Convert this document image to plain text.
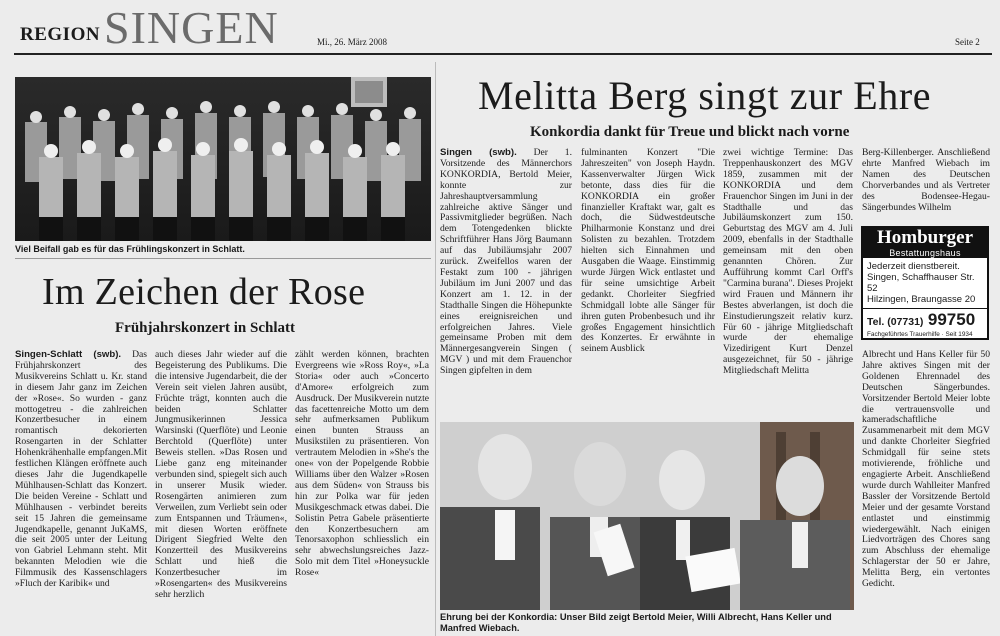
REGION SINGEN	Mi., 26. März 2008	Seite 2
Viel Beifall gab es für das Frühlingskonzert in Schlatt.
Im Zeichen der Rose
Frühjahrskonzert in Schlatt

Singen-Schlatt (swb). Das Frühjahrskonzert des Musikvereins Schlatt u. Kr. stand in diesem Jahr ganz im Zeichen der »Rose«. So wurden - ganz mottogetreu - die zahlreichen Konzertbesucher in einem romantisch dekorierten Rosengarten in der Schlatter Hohenkrähenhalle empfangen.Mit festlichen Klängen eröffnete auch dieses Jahr die Jugendkapelle Mühlhausen-Schlatt das Konzert. Die beiden Vereine - Schlatt und Mühlhausen - verbindet bereits seit 15 Jahren die gemeinsame Jugendkapelle, genannt JuKaMS, die seit 2005 unter der Leitung von Gabriel Lehmann steht. Mit bekannten Melodien wie die Filmmusik des Kassenschlagers »Fluch der Karibik« und

auch dieses Jahr wieder auf die Begeisterung des Publikums. Die die intensive Jugendarbeit, die der Verein seit vielen Jahren ausübt, Früchte trägt, konnten auch die beiden Schlatter Jungmusikerinnen Jessica Warsinski (Querflöte) und Leonie Berchtold (Querflöte) unter Beweis stellen. »Das Rosen und Liebe ganz eng miteinander verbunden sind, spiegelt sich auch in unserer Musik wieder. Rosengärten animieren zum Verweilen, zum Verliebt sein oder zum Entspannen und Träumen«, mit diesen Worten eröffnete Dirigent Siegfried Welte den Konzertteil des Musikvereins Schlatt und hieß die Konzertbesucher im »Rosengarten« des Musikvereins sehr herzlich

zählt werden können, brachten Evergreens wie »Ross Roy«, »La Storia« oder auch »Concerto d'Amore« erfolgreich zum Ausdruck. Der Musikverein nutzte das facettenreiche Motto um dem sehr aufmerksamen Publikum einen bunten Strauss an Musikstilen zu präsentieren. Von vertrautem Melodien in »She's the one« von der Popelgende Robbie Williams über den Walzer »Rosen aus dem Süden« von Strauss bis hin zur Polka war für jeden Musikgeschmack etwas dabei. Die Solistin Petra Gabele präsentierte den Konzertbesuchern am Tenorsaxophon schliesslich ein sehr abwechslungsreiches Jazz-Solo mit dem Titel »Honeysuckle Rose«

Melitta Berg singt zur Ehre
Konkordia dankt für Treue und blickt nach vorne

Singen (swb). Der 1. Vorsitzende des Männerchors KONKORDIA, Bertold Meier, konnte zur Jahreshauptversammlung zahlreiche aktive Sänger und Passivmitglieder begrüßen. Nach dem Totengedenken blickte Schriftführer Hans Jörg Baumann auf das Jubiläumsjahr 2007 zurück. Zweifellos waren der Festakt zum 100 - jährigen Jubiläum im Juni 2007 und das Konzert am 1. 12. in der Stadthalle Singen die Höhepunkte eines ereignisreichen und erfolgreichen Jahres. Viele gemeinsame Proben mit dem Männergesangverein Singen ( MGV ) und mit dem Frauenchor Singen gipfelten in dem

fulminanten Konzert "Die Jahreszeiten" von Joseph Haydn. Kassenverwalter Jürgen Wick betonte, dass dies für die KONKORDIA ein großer finanzieller Kraftakt war, galt es doch, die Südwestdeutsche Philharmonie Konstanz und drei Solisten zu bezahlen. Trotzdem hielten sich Einnahmen und Ausgaben die Waage. Einstimmig wurde Jürgen Wick entlastet und für seine umsichtige Arbeit gedankt. Chorleiter Siegfried Schmidgall lobte alle Sänger für ihren guten Probenbesuch und ihr großes Engagement hinsichtlich des Konzertes. Er erwähnte in seinem Ausblick

zwei wichtige Termine: Das Treppenhauskonzert des MGV 1859, zusammen mit der KONKORDIA und dem Frauenchor Singen im Juni in der Stadthalle und das Jubiläumskonzert zum 150. Geburtstag des MGV am 4. Juli 2009, ebenfalls in der Stadthalle gemeinsam mit den oben genannten Chören. Zur Aufführung kommt Carl Orff's "Carmina burana". Dieses Projekt wird Frauen und Männern ihr Bestes abverlangen, ist doch die Einstudierungszeit relativ kurz. Für 60 - jährige Mitgliedschaft wurde der ehemalige Vizedirigent Kurt Denzel ausgezeichnet, für 50 - jährige Mitgliedschaft Melitta

Berg-Killenberger. Anschließend ehrte Manfred Wiebach im Namen des Deutschen Chorverbandes und als Vertreter des Bodensee-Hegau-Sängerbundes Wilhelm

Homburger
Bestattungshaus
Jederzeit dienstbereit.
Singen, Schaffhauser Str. 52
Hilzingen, Braungasse 20
Tel. (07731) 99750
Fachgeführtes Trauerhilfe · Seit 1934

Albrecht und Hans Keller für 50 Jahre aktives Singen mit der Goldenen Ehrennadel des Deutschen Sängerbundes. Vorsitzender Bertold Meier lobte die vertrauensvolle und kameradschaftliche Zusammenarbeit mit dem MGV und dankte Chorleiter Siegfried Schmidgall für seine stets motivierende, fröhliche und engagierte Arbeit. Anschließend wurde durch Wahlleiter Manfred Bassler der Vorsitzende Bertold Meier und der gesamte Vorstand entlastet und einstimmig wiedergewählt. Nach einigen Liedvorträgen des Chores sang zum Abschluss der ehemalige Schlagerstar der 50 er Jahre, Melitta Berg, ein vertontes Gedicht.

Ehrung bei der Konkordia: Unser Bild zeigt Bertold Meier, Willi Albrecht, Hans Keller und Manfred Wiebach.
